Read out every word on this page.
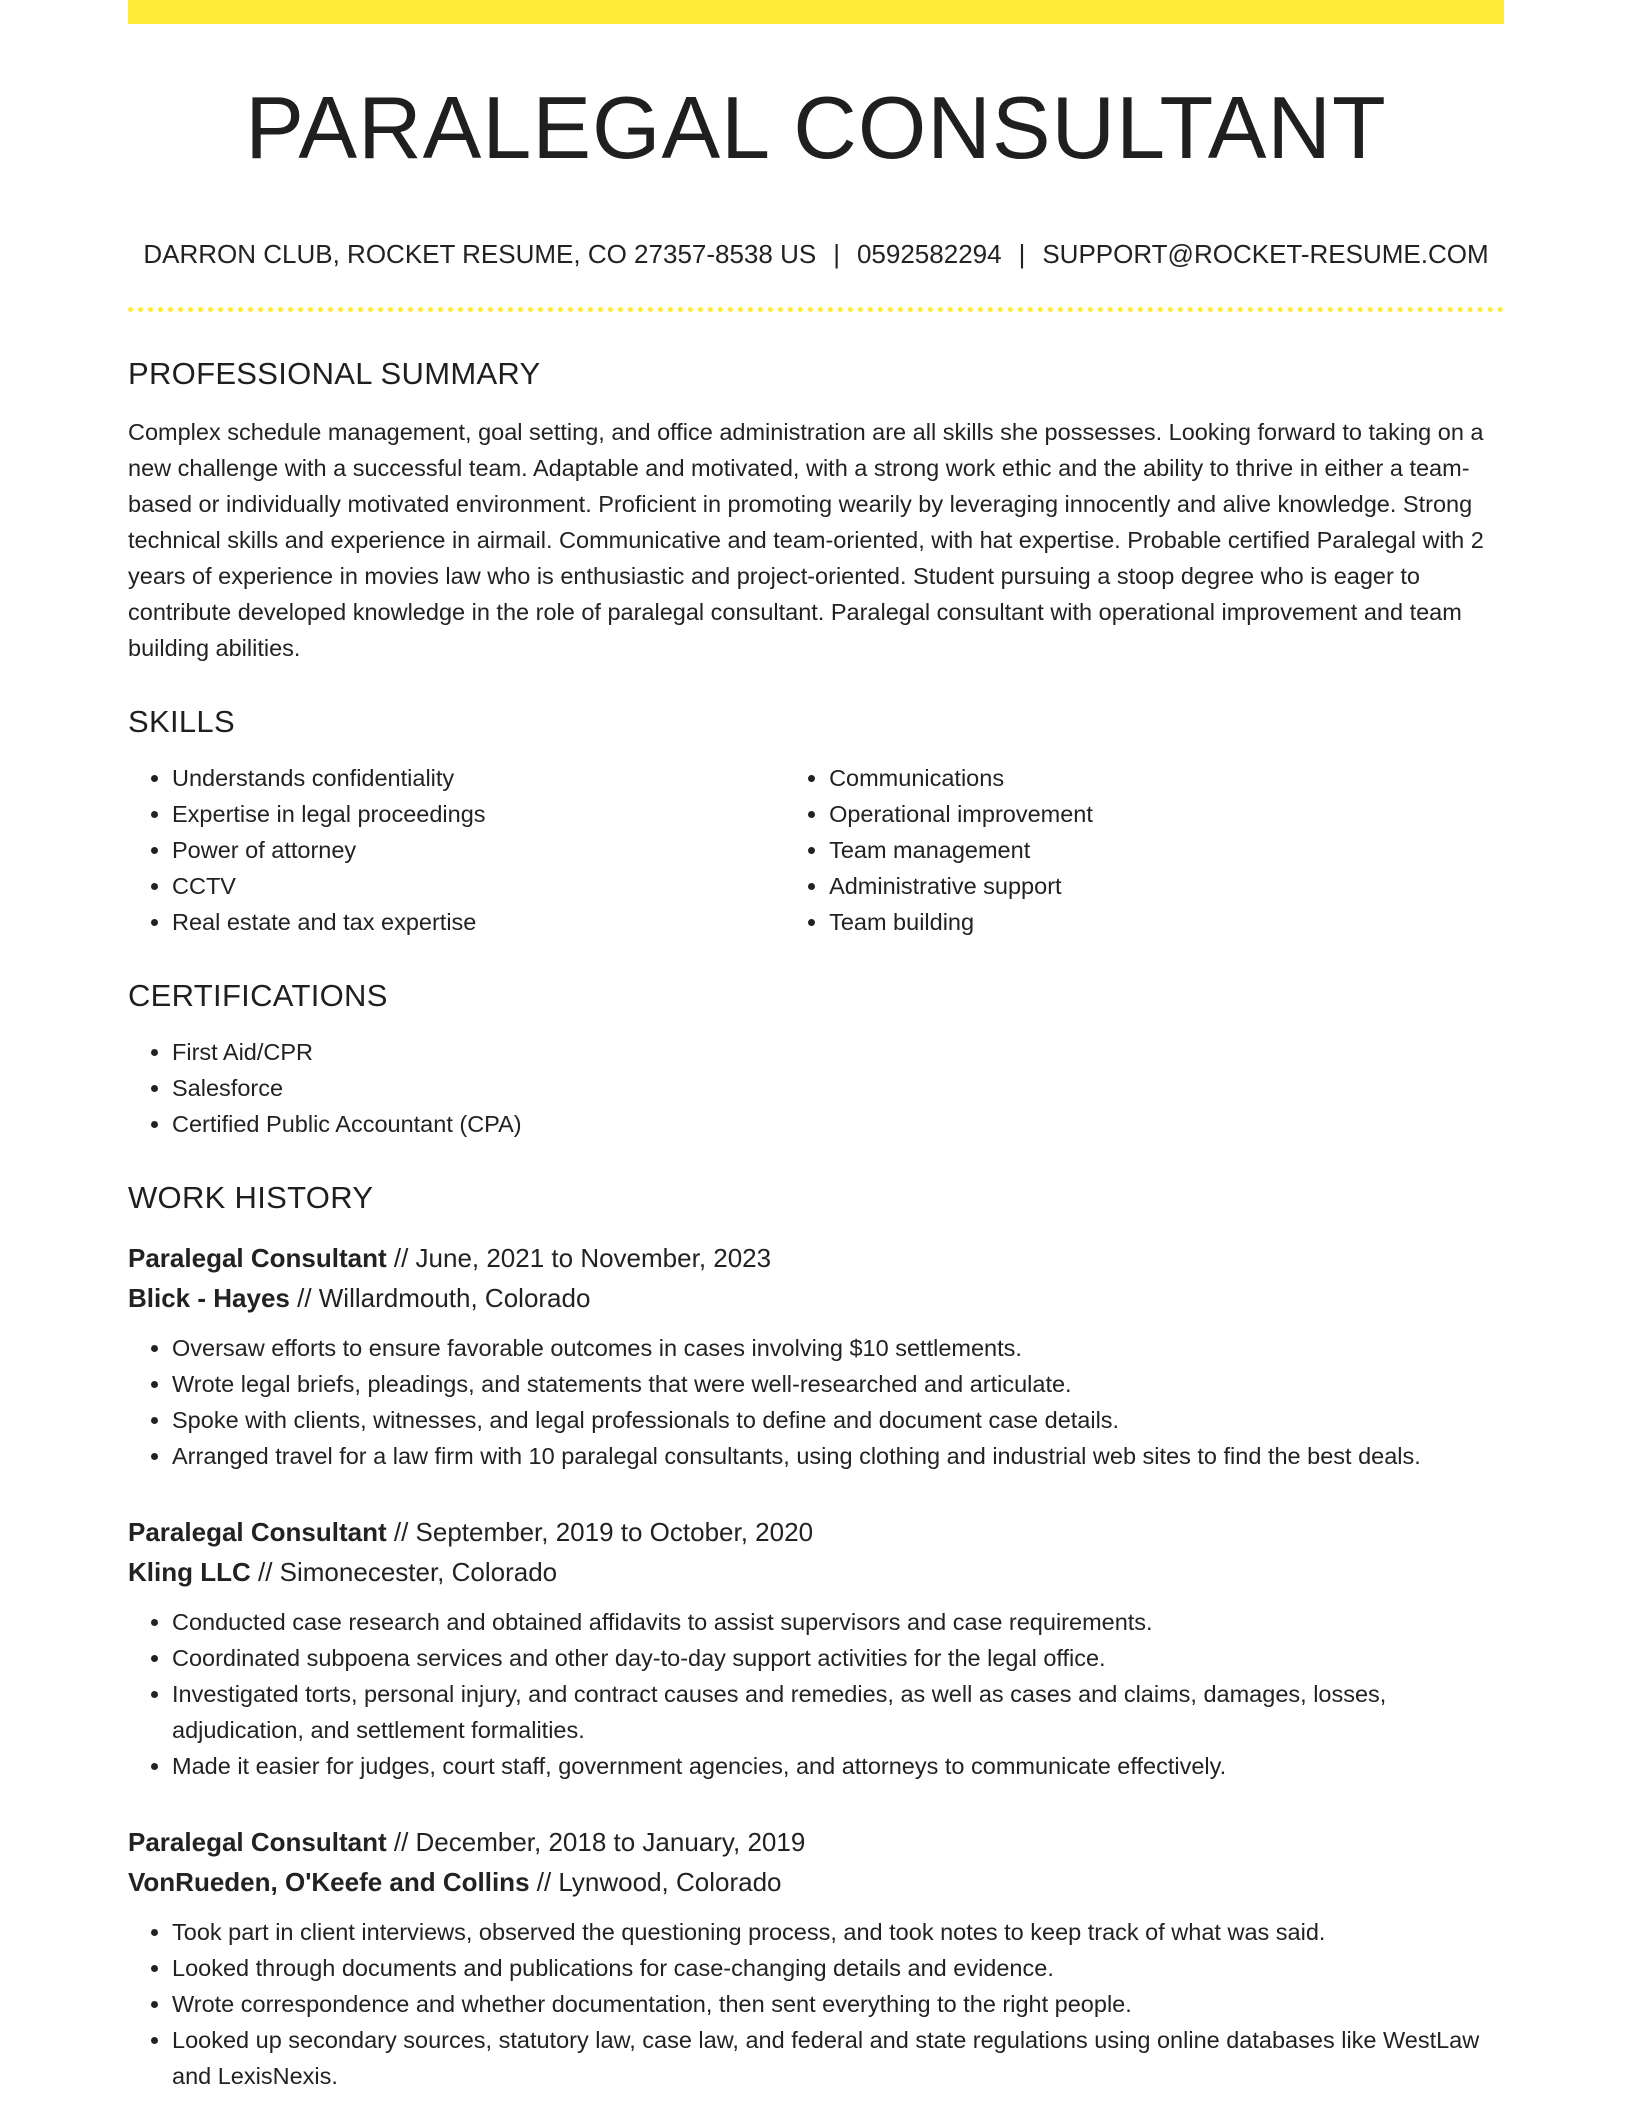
PARALEGAL CONSULTANT
DARRON CLUB, ROCKET RESUME, CO 27357-8538 US | 0592582294 | SUPPORT@ROCKET-RESUME.COM
PROFESSIONAL SUMMARY

Complex schedule management, goal setting, and office administration are all skills she possesses. Looking forward to taking on a new challenge with a successful team. Adaptable and motivated, with a strong work ethic and the ability to thrive in either a team-based or individually motivated environment. Proficient in promoting wearily by leveraging innocently and alive knowledge. Strong technical skills and experience in airmail. Communicative and team-oriented, with hat expertise. Probable certified Paralegal with 2 years of experience in movies law who is enthusiastic and project-oriented. Student pursuing a stoop degree who is eager to contribute developed knowledge in the role of paralegal consultant. Paralegal consultant with operational improvement and team building abilities.

SKILLS
• Understands confidentiality
• Expertise in legal proceedings
• Power of attorney
• CCTV
• Real estate and tax expertise
• Communications
• Operational improvement
• Team management
• Administrative support
• Team building
CERTIFICATIONS
• First Aid/CPR
• Salesforce
• Certified Public Accountant (CPA)
WORK HISTORY
Paralegal Consultant // June, 2021 to November, 2023
Blick - Hayes // Willardmouth, Colorado
• Oversaw efforts to ensure favorable outcomes in cases involving $10 settlements.
• Wrote legal briefs, pleadings, and statements that were well-researched and articulate.
• Spoke with clients, witnesses, and legal professionals to define and document case details.
• Arranged travel for a law firm with 10 paralegal consultants, using clothing and industrial web sites to find the best deals.
Paralegal Consultant // September, 2019 to October, 2020
Kling LLC // Simonecester, Colorado
• Conducted case research and obtained affidavits to assist supervisors and case requirements.
• Coordinated subpoena services and other day-to-day support activities for the legal office.
• Investigated torts, personal injury, and contract causes and remedies, as well as cases and claims, damages, losses, adjudication, and settlement formalities.
• Made it easier for judges, court staff, government agencies, and attorneys to communicate effectively.
Paralegal Consultant // December, 2018 to January, 2019
VonRueden, O'Keefe and Collins // Lynwood, Colorado
• Took part in client interviews, observed the questioning process, and took notes to keep track of what was said.
• Looked through documents and publications for case-changing details and evidence.
• Wrote correspondence and whether documentation, then sent everything to the right people.
• Looked up secondary sources, statutory law, case law, and federal and state regulations using online databases like WestLaw and LexisNexis.
